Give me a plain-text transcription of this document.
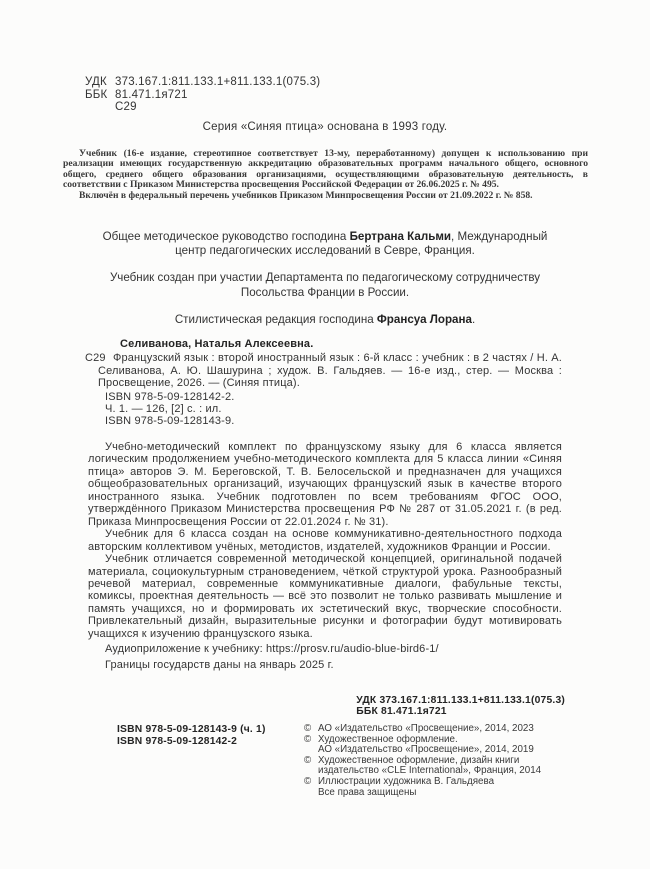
УДК 373.167.1:811.133.1+811.133.1(075.3)
ББК 81.471.1я721
С29
Серия «Синяя птица» основана в 1993 году.

Учебник (16-е издание, стереотипное соответствует 13-му, переработанному) допущен к использованию при реализации имеющих государственную аккредитацию образовательных программ начального общего, основного общего, среднего общего образования организациями, осуществляющими образовательную деятельность, в соответствии с Приказом Министерства просвещения Российской Федерации от 26.06.2025 г. № 495.

Включён в федеральный перечень учебников Приказом Минпросвещения России от 21.09.2022 г. № 858.

Общее методическое руководство господина Бертрана Кальми, Международный центр педагогических исследований в Севре, Франция.

Учебник создан при участии Департамента по педагогическому сотрудничеству Посольства Франции в России.

Стилистическая редакция господина Франсуа Лорана.

Селиванова, Наталья Алексеевна.

С29 Французский язык : второй иностранный язык : 6-й класс : учебник : в 2 частях / Н. А. Селиванова, А. Ю. Шашурина ; худож. В. Гальдяев. — 16-е изд., стер. — Москва : Просвещение, 2026. — (Синяя птица).

ISBN 978-5-09-128142-2.
Ч. 1. — 126, [2] с. : ил.
ISBN 978-5-09-128143-9.

Учебно-методический комплект по французскому языку для 6 класса является логическим продолжением учебно-методического комплекта для 5 класса линии «Синяя птица» авторов Э. М. Береговской, Т. В. Белосельской и предназначен для учащихся общеобразовательных организаций, изучающих французский язык в качестве второго иностранного языка. Учебник подготовлен по всем требованиям ФГОС ООО, утверждённого Приказом Министерства просвещения РФ № 287 от 31.05.2021 г. (в ред. Приказа Минпросвещения России от 22.01.2024 г. № 31).

Учебник для 6 класса создан на основе коммуникативно-деятельностного подхода авторским коллективом учёных, методистов, издателей, художников Франции и России.

Учебник отличается современной методической концепцией, оригинальной подачей материала, социокультурным страноведением, чёткой структурой урока. Разнообразный речевой материал, современные коммуникативные диалоги, фабульные тексты, комиксы, проектная деятельность — всё это позволит не только развивать мышление и память учащихся, но и формировать их эстетический вкус, творческие способности. Привлекательный дизайн, выразительные рисунки и фотографии будут мотивировать учащихся к изучению французского языка.

Аудиоприложение к учебнику: https://prosv.ru/audio-blue-bird6-1/

Границы государств даны на январь 2025 г.

УДК 373.167.1:811.133.1+811.133.1(075.3)
ББК 81.471.1я721
ISBN 978-5-09-128143-9 (ч. 1)
ISBN 978-5-09-128142-2
© АО «Издательство «Просвещение», 2014, 2023
© Художественное оформление.
АО «Издательство «Просвещение», 2014, 2019
© Художественное оформление, дизайн книги
издательство «CLE International», Франция, 2014
© Иллюстрации художника В. Гальдяева
Все права защищены
